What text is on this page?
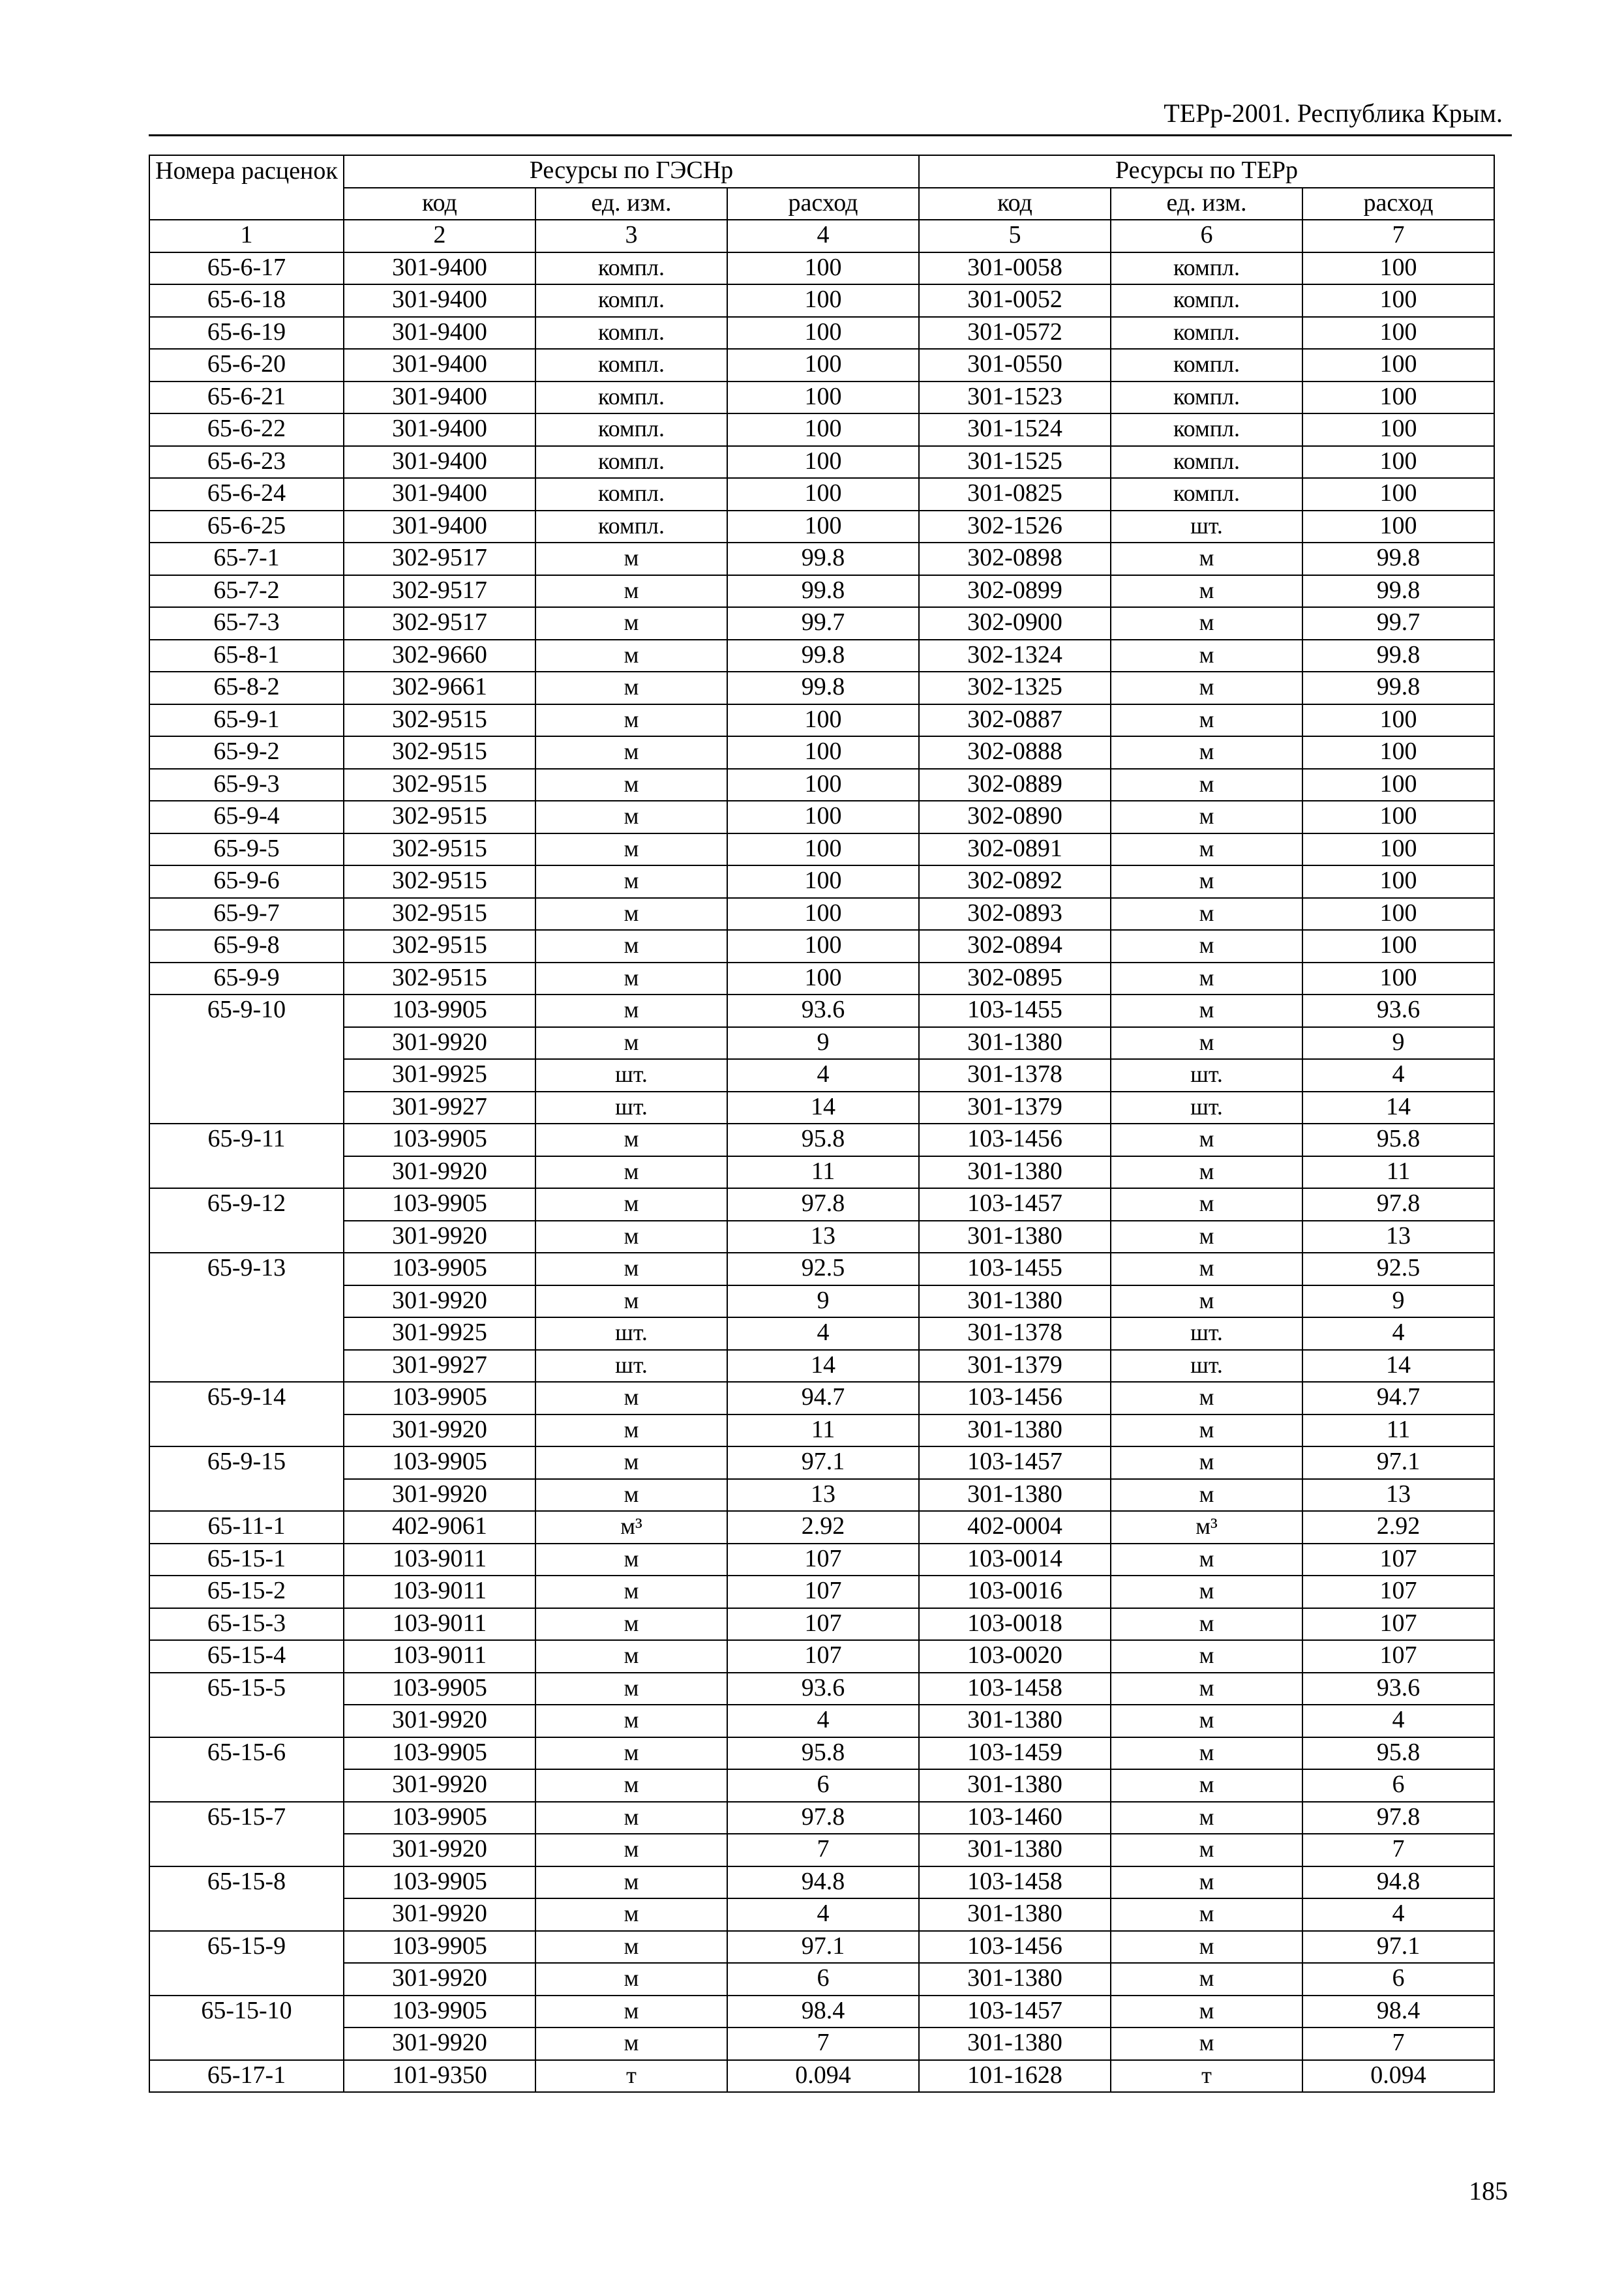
ТЕРр-2001. Республика Крым.
Номера расценок	Ресурсы по ГЭСНр			Ресурсы по ТЕРр		
	код	ед. изм.	расход	код	ед. изм.	расход
1	2	3	4	5	6	7
65-6-17	301-9400	компл.	100	301-0058	компл.	100
65-6-18	301-9400	компл.	100	301-0052	компл.	100
65-6-19	301-9400	компл.	100	301-0572	компл.	100
65-6-20	301-9400	компл.	100	301-0550	компл.	100
65-6-21	301-9400	компл.	100	301-1523	компл.	100
65-6-22	301-9400	компл.	100	301-1524	компл.	100
65-6-23	301-9400	компл.	100	301-1525	компл.	100
65-6-24	301-9400	компл.	100	301-0825	компл.	100
65-6-25	301-9400	компл.	100	302-1526	шт.	100
65-7-1	302-9517	м	99.8	302-0898	м	99.8
65-7-2	302-9517	м	99.8	302-0899	м	99.8
65-7-3	302-9517	м	99.7	302-0900	м	99.7
65-8-1	302-9660	м	99.8	302-1324	м	99.8
65-8-2	302-9661	м	99.8	302-1325	м	99.8
65-9-1	302-9515	м	100	302-0887	м	100
65-9-2	302-9515	м	100	302-0888	м	100
65-9-3	302-9515	м	100	302-0889	м	100
65-9-4	302-9515	м	100	302-0890	м	100
65-9-5	302-9515	м	100	302-0891	м	100
65-9-6	302-9515	м	100	302-0892	м	100
65-9-7	302-9515	м	100	302-0893	м	100
65-9-8	302-9515	м	100	302-0894	м	100
65-9-9	302-9515	м	100	302-0895	м	100
65-9-10	103-9905	м	93.6	103-1455	м	93.6
	301-9920	м	9	301-1380	м	9
	301-9925	шт.	4	301-1378	шт.	4
	301-9927	шт.	14	301-1379	шт.	14
65-9-11	103-9905	м	95.8	103-1456	м	95.8
	301-9920	м	11	301-1380	м	11
65-9-12	103-9905	м	97.8	103-1457	м	97.8
	301-9920	м	13	301-1380	м	13
65-9-13	103-9905	м	92.5	103-1455	м	92.5
	301-9920	м	9	301-1380	м	9
	301-9925	шт.	4	301-1378	шт.	4
	301-9927	шт.	14	301-1379	шт.	14
65-9-14	103-9905	м	94.7	103-1456	м	94.7
	301-9920	м	11	301-1380	м	11
65-9-15	103-9905	м	97.1	103-1457	м	97.1
	301-9920	м	13	301-1380	м	13
65-11-1	402-9061	м³	2.92	402-0004	м³	2.92
65-15-1	103-9011	м	107	103-0014	м	107
65-15-2	103-9011	м	107	103-0016	м	107
65-15-3	103-9011	м	107	103-0018	м	107
65-15-4	103-9011	м	107	103-0020	м	107
65-15-5	103-9905	м	93.6	103-1458	м	93.6
	301-9920	м	4	301-1380	м	4
65-15-6	103-9905	м	95.8	103-1459	м	95.8
	301-9920	м	6	301-1380	м	6
65-15-7	103-9905	м	97.8	103-1460	м	97.8
	301-9920	м	7	301-1380	м	7
65-15-8	103-9905	м	94.8	103-1458	м	94.8
	301-9920	м	4	301-1380	м	4
65-15-9	103-9905	м	97.1	103-1456	м	97.1
	301-9920	м	6	301-1380	м	6
65-15-10	103-9905	м	98.4	103-1457	м	98.4
	301-9920	м	7	301-1380	м	7
65-17-1	101-9350	т	0.094	101-1628	т	0.094
185
